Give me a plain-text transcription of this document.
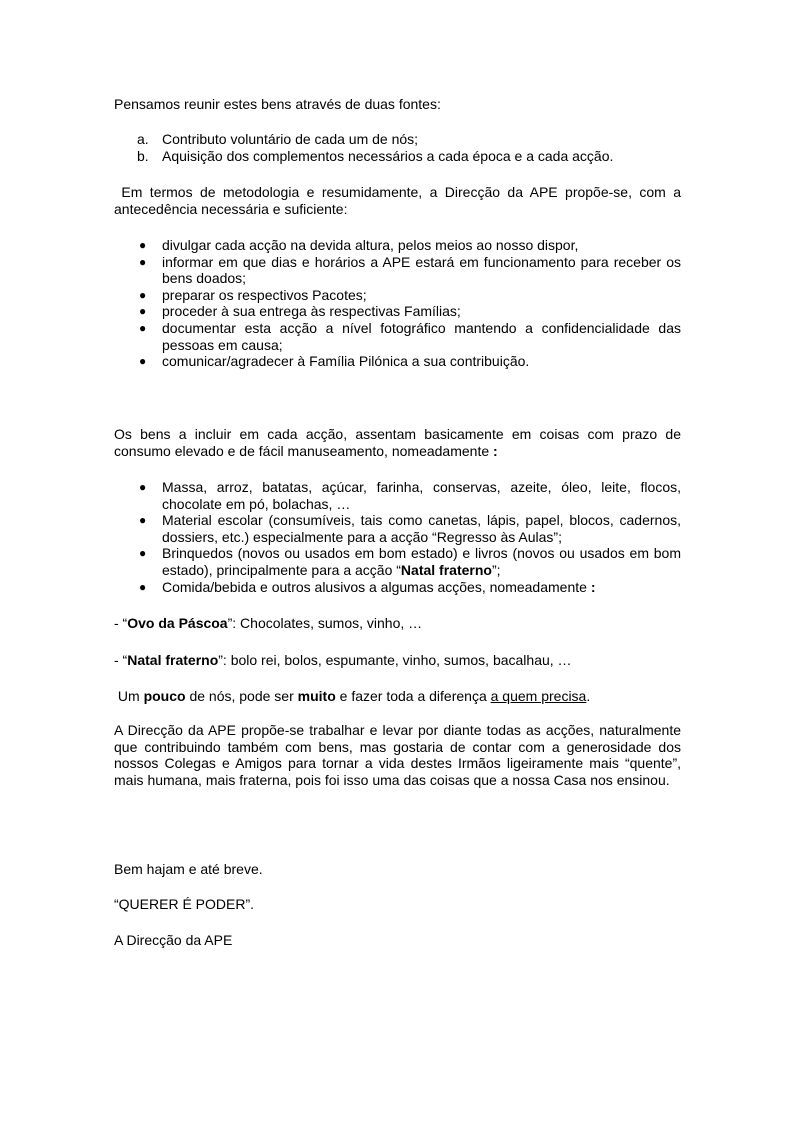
Pensamos reunir estes bens através de duas fontes:

a. Contributo voluntário de cada um de nós;
b. Aquisição dos complementos necessários a cada época e a cada acção.

Em termos de metodologia e resumidamente, a Direcção da APE propõe-se, com a antecedência necessária e suficiente:

● divulgar cada acção na devida altura, pelos meios ao nosso dispor,
● informar em que dias e horários a APE estará em funcionamento para receber os bens doados;
● preparar os respectivos Pacotes;
● proceder à sua entrega às respectivas Famílias;
● documentar esta acção a nível fotográfico mantendo a confidencialidade das pessoas em causa;
● comunicar/agradecer à Família Pilónica a sua contribuição.

Os bens a incluir em cada acção, assentam basicamente em coisas com prazo de consumo elevado e de fácil manuseamento, nomeadamente :

● Massa, arroz, batatas, açúcar, farinha, conservas, azeite, óleo, leite, flocos, chocolate em pó, bolachas, …
● Material escolar (consumíveis, tais como canetas, lápis, papel, blocos, cadernos, dossiers, etc.) especialmente para a acção “Regresso às Aulas”;
● Brinquedos (novos ou usados em bom estado) e livros (novos ou usados em bom estado), principalmente para a acção “Natal fraterno”;
● Comida/bebida e outros alusivos a algumas acções, nomeadamente :

- “Ovo da Páscoa”: Chocolates, sumos, vinho, …

- “Natal fraterno”: bolo rei, bolos, espumante, vinho, sumos, bacalhau, …

Um pouco de nós, pode ser muito e fazer toda a diferença a quem precisa.

A Direcção da APE propõe-se trabalhar e levar por diante todas as acções, naturalmente que contribuindo também com bens, mas gostaria de contar com a generosidade dos nossos Colegas e Amigos para tornar a vida destes Irmãos ligeiramente mais “quente”, mais humana, mais fraterna, pois foi isso uma das coisas que a nossa Casa nos ensinou.

Bem hajam e até breve.

“QUERER É PODER”.

A Direcção da APE
